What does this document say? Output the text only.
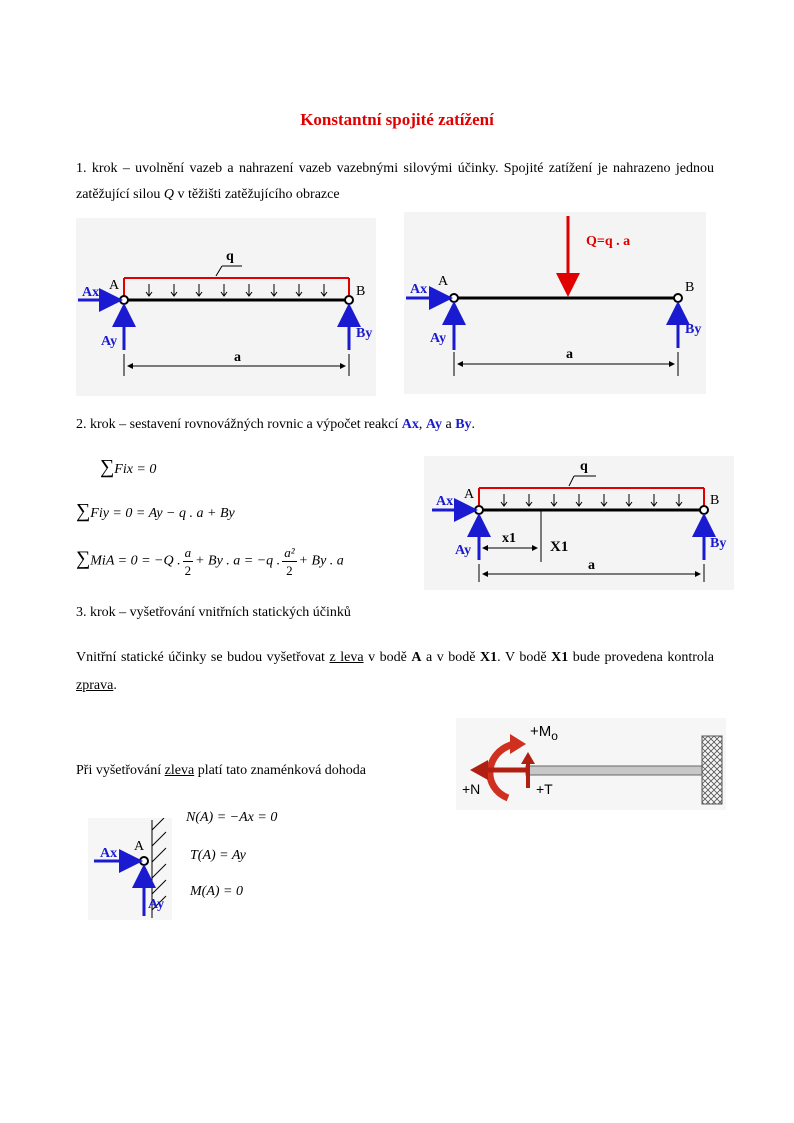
Konstantní spojité zatížení
1. krok – uvolnění vazeb a nahrazení vazeb vazebnými silovými účinky. Spojité zatížení je nahrazeno jednou zatěžující silou Q v těžišti zatěžujícího obrazce
q
A	B
Ax
Ay
By
a
Q=q . a
A	B
Ax
Ay
By
a
2. krok – sestavení rovnovážných rovnic a výpočet reakcí Ax, Ay a By.
∑Fix = 0
∑Fiy = 0 = Ay − q . a + By
∑MiA = 0 = −Q . $\frac{a}{2} + By$ . a = −q . $\frac{\text{a²}}{2} + By$ . a
q
A	B
Ax
Ay	By
x1
X1
a
3. krok – vyšetřování vnitřních statických účinků
Vnitřní statické účinky se budou vyšetřovat z leva v bodě A a v bodě X1. V bodě X1 bude provedena kontrola zprava.
Při vyšetřování zleva platí tato znaménková dohoda
$+M_o$
+N	+T
A
Ax
Ay
N(A) = −Ax = 0
T(A) = Ay
M(A) = 0
